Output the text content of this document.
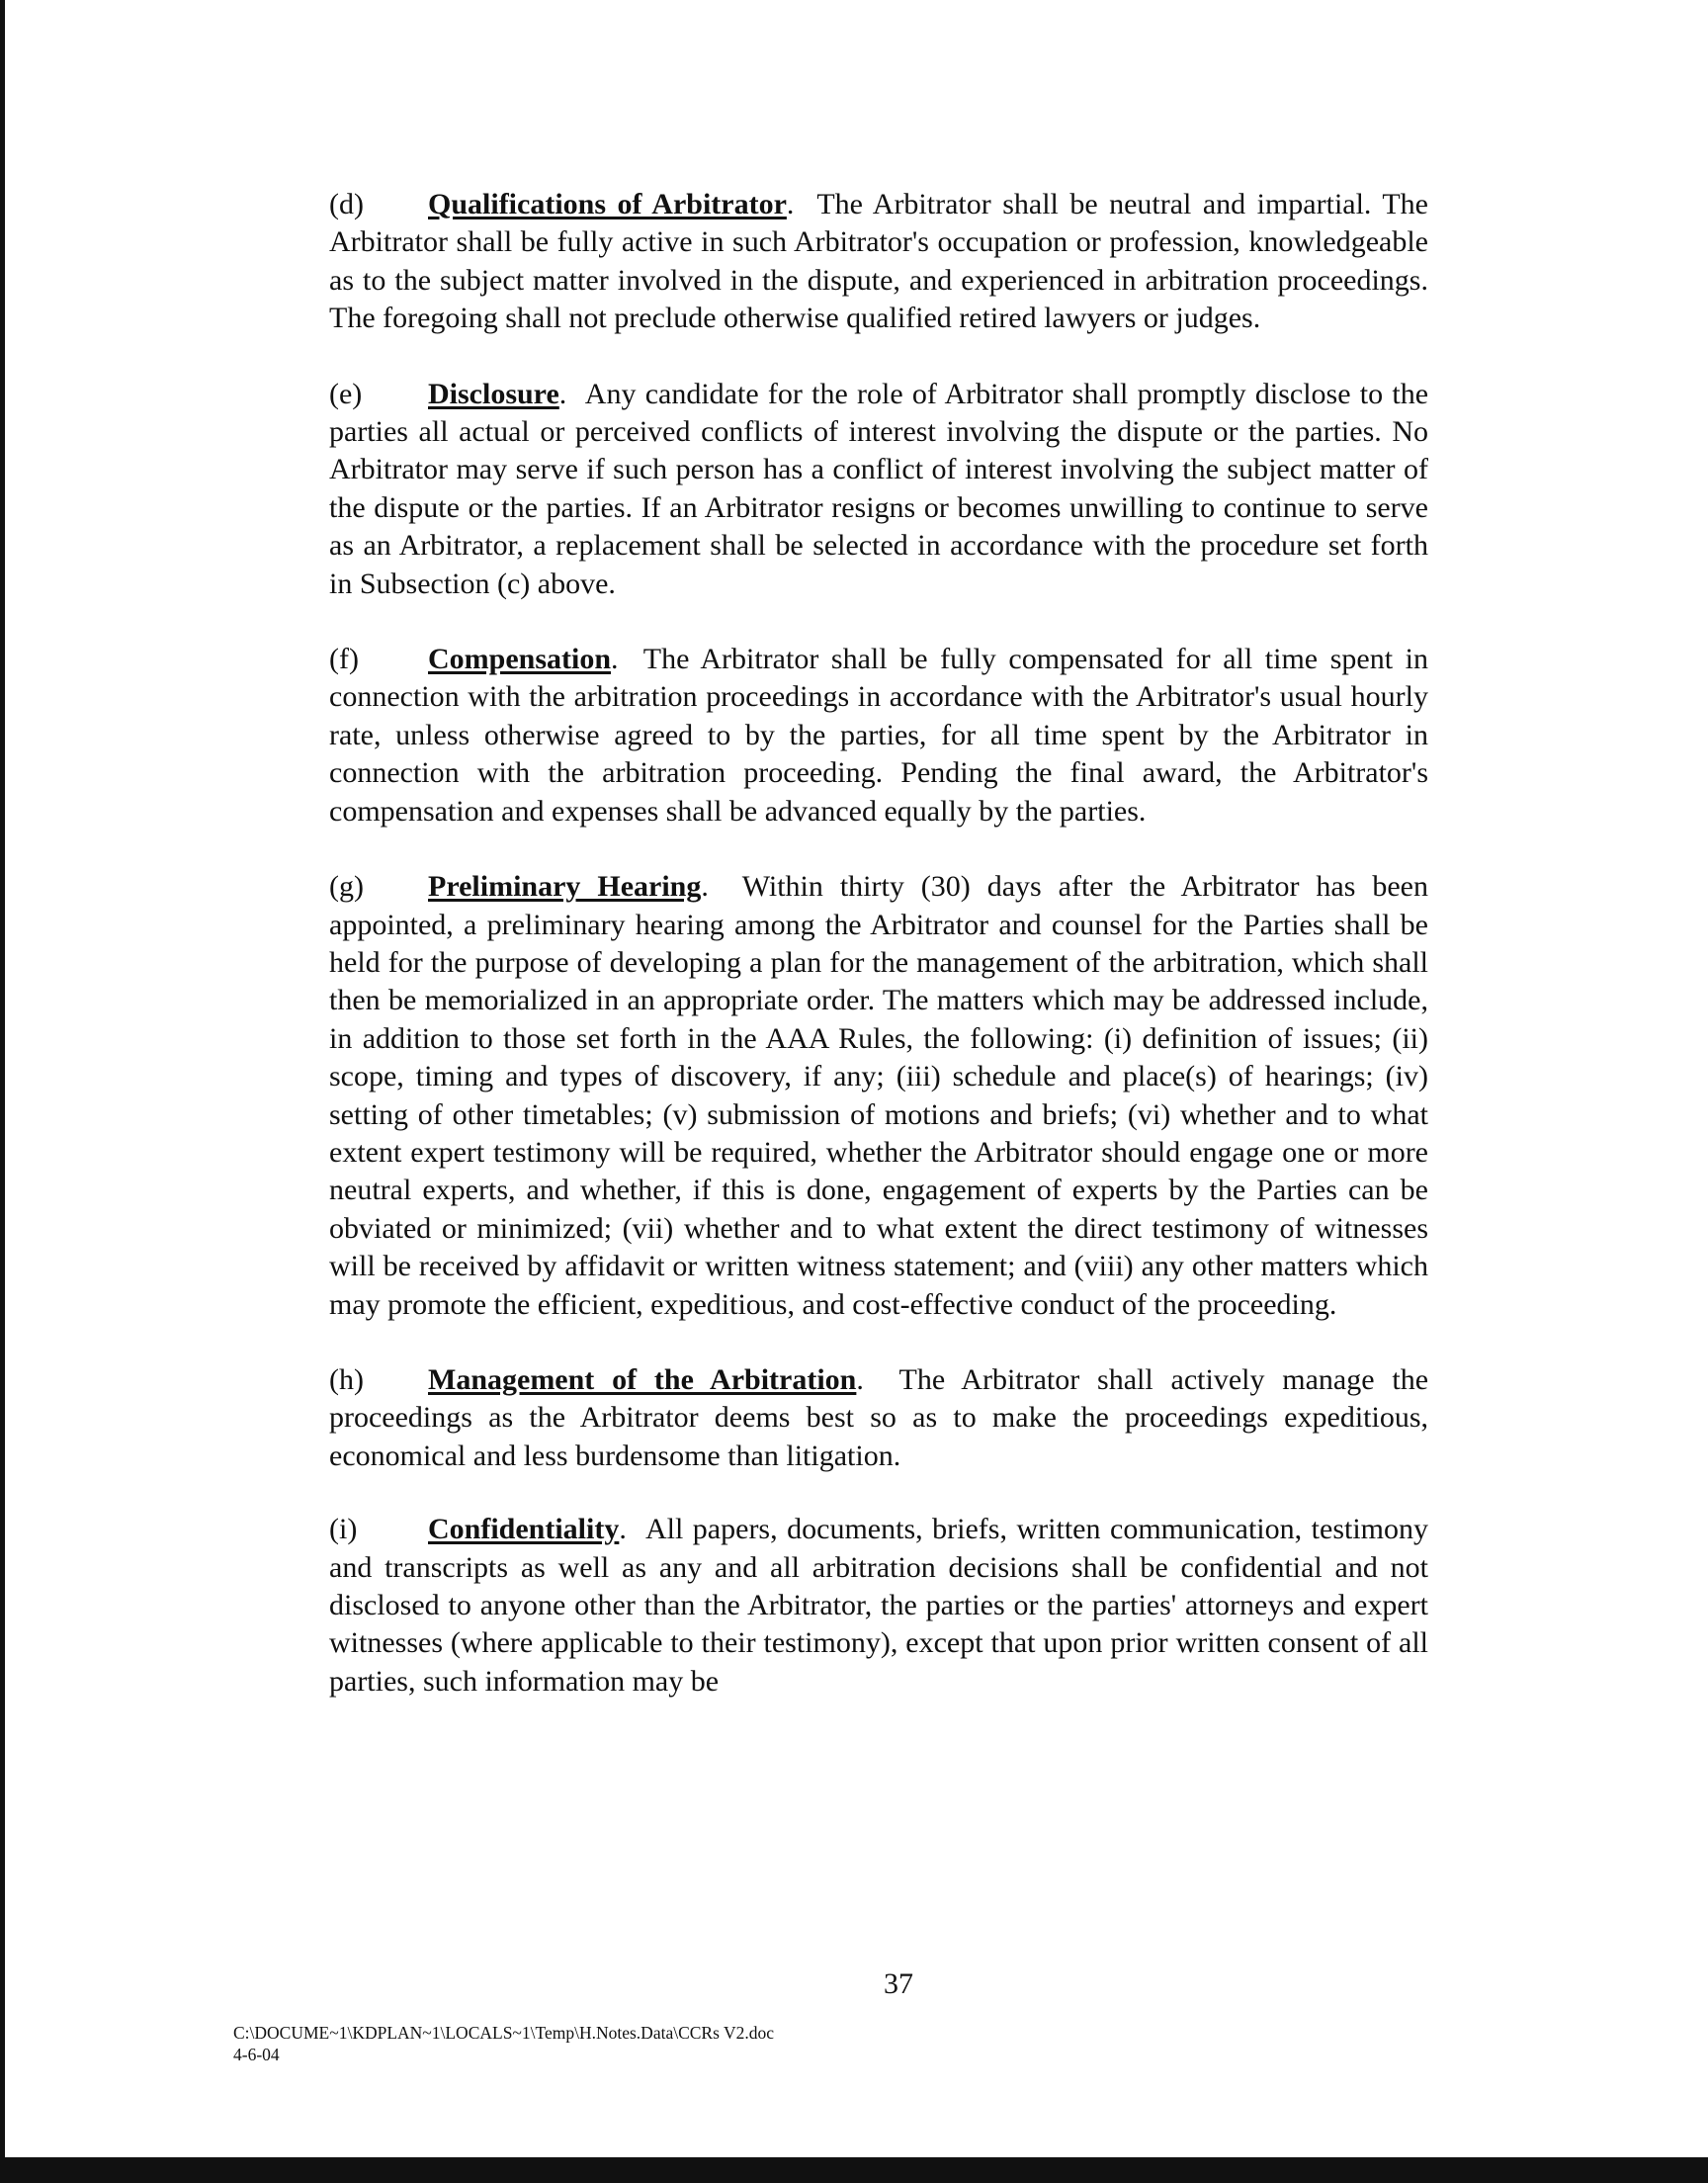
(d) Qualifications of Arbitrator.  The Arbitrator shall be neutral and impartial. The Arbitrator shall be fully active in such Arbitrator's occupation or profession, knowledgeable as to the subject matter involved in the dispute, and experienced in arbitration proceedings. The foregoing shall not preclude otherwise qualified retired lawyers or judges.

(e) Disclosure.  Any candidate for the role of Arbitrator shall promptly disclose to the parties all actual or perceived conflicts of interest involving the dispute or the parties. No Arbitrator may serve if such person has a conflict of interest involving the subject matter of the dispute or the parties. If an Arbitrator resigns or becomes unwilling to continue to serve as an Arbitrator, a replacement shall be selected in accordance with the procedure set forth in Subsection (c) above.

(f) Compensation.  The Arbitrator shall be fully compensated for all time spent in connection with the arbitration proceedings in accordance with the Arbitrator's usual hourly rate, unless otherwise agreed to by the parties, for all time spent by the Arbitrator in connection with the arbitration proceeding. Pending the final award, the Arbitrator's compensation and expenses shall be advanced equally by the parties.

(g) Preliminary Hearing.  Within thirty (30) days after the Arbitrator has been appointed, a preliminary hearing among the Arbitrator and counsel for the Parties shall be held for the purpose of developing a plan for the management of the arbitration, which shall then be memorialized in an appropriate order. The matters which may be addressed include, in addition to those set forth in the AAA Rules, the following: (i) definition of issues; (ii) scope, timing and types of discovery, if any; (iii) schedule and place(s) of hearings; (iv) setting of other timetables; (v) submission of motions and briefs; (vi) whether and to what extent expert testimony will be required, whether the Arbitrator should engage one or more neutral experts, and whether, if this is done, engagement of experts by the Parties can be obviated or minimized; (vii) whether and to what extent the direct testimony of witnesses will be received by affidavit or written witness statement; and (viii) any other matters which may promote the efficient, expeditious, and cost-effective conduct of the proceeding.

(h) Management of the Arbitration.  The Arbitrator shall actively manage the proceedings as the Arbitrator deems best so as to make the proceedings expeditious, economical and less burdensome than litigation.

(i) Confidentiality.  All papers, documents, briefs, written communication, testimony and transcripts as well as any and all arbitration decisions shall be confidential and not disclosed to anyone other than the Arbitrator, the parties or the parties' attorneys and expert witnesses (where applicable to their testimony), except that upon prior written consent of all parties, such information may be

37
C:\DOCUME~1\KDPLAN~1\LOCALS~1\Temp\H.Notes.Data\CCRs V2.doc
4-6-04
